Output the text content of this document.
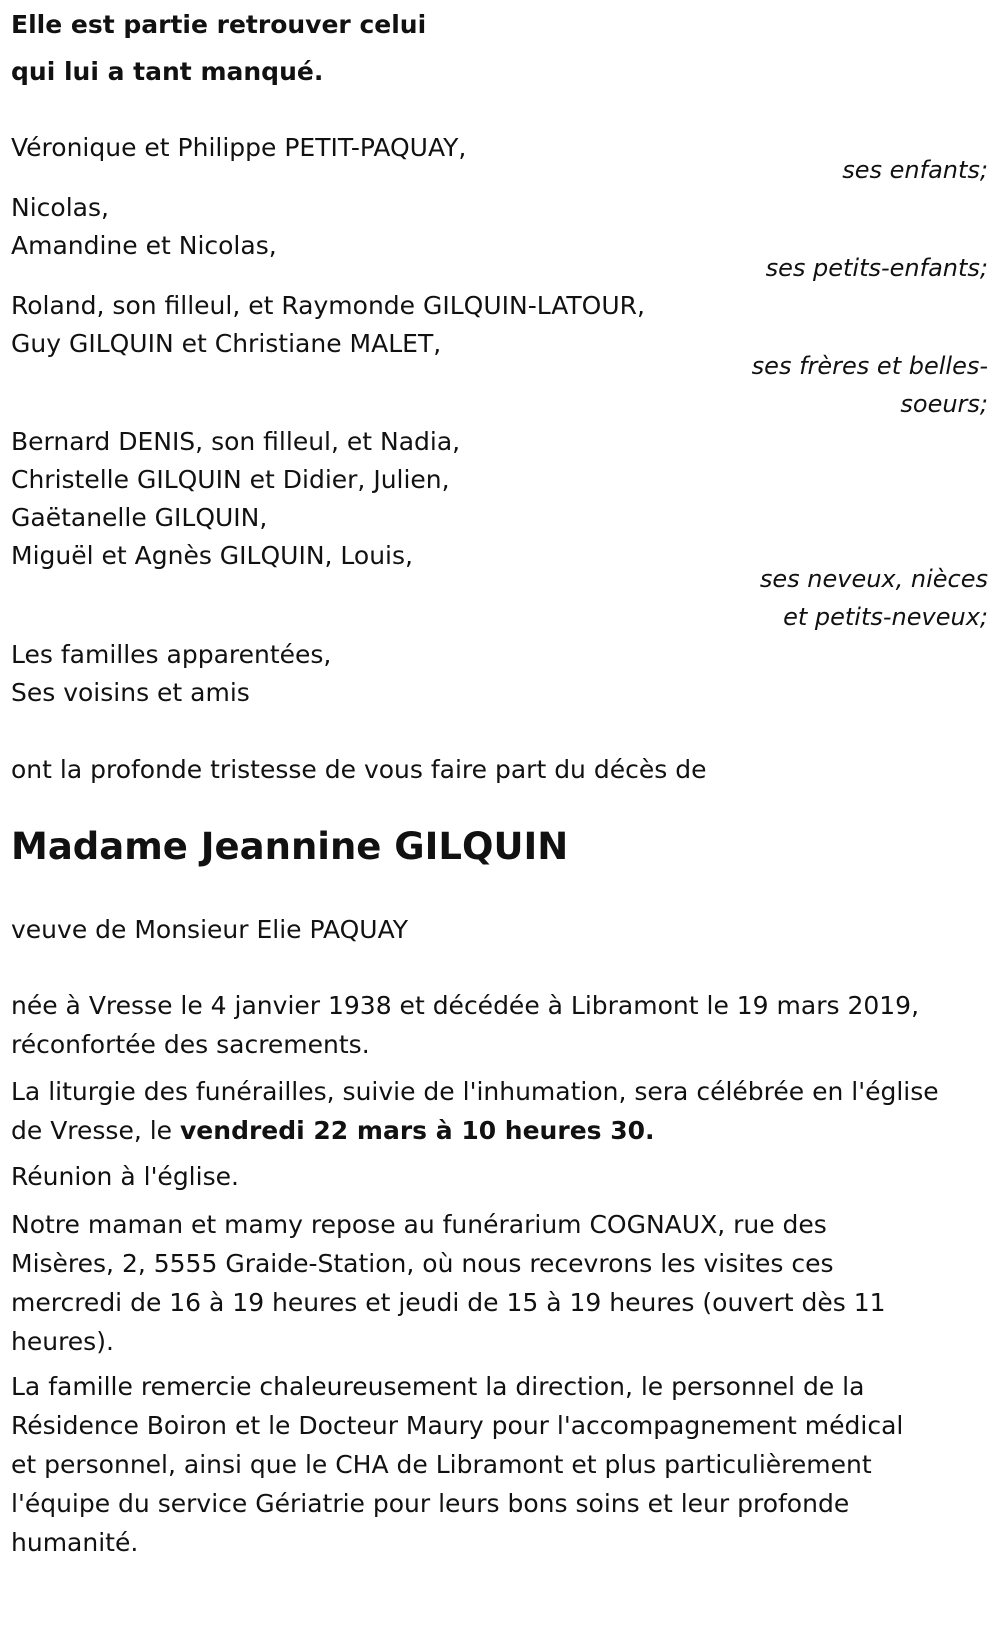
Elle est partie retrouver celui
qui lui a tant manqué.
Véronique et Philippe PETIT-PAQUAY,
ses enfants;
Nicolas,
Amandine et Nicolas,
ses petits-enfants;
Roland, son filleul, et Raymonde GILQUIN-LATOUR,
Guy GILQUIN et Christiane MALET,
ses frères et belles-
soeurs;
Bernard DENIS, son filleul, et Nadia,
Christelle GILQUIN et Didier, Julien,
Gaëtanelle GILQUIN,
Miguël et Agnès GILQUIN, Louis,
ses neveux, nièces
et petits-neveux;
Les familles apparentées,
Ses voisins et amis
ont la profonde tristesse de vous faire part du décès de
Madame Jeannine GILQUIN
veuve de Monsieur Elie PAQUAY
née à Vresse le 4 janvier 1938 et décédée à Libramont le 19 mars 2019,
réconfortée des sacrements.
La liturgie des funérailles, suivie de l'inhumation, sera célébrée en l'église
de Vresse, le vendredi 22 mars à 10 heures 30.
Réunion à l'église.
Notre maman et mamy repose au funérarium COGNAUX, rue des
Misères, 2, 5555 Graide-Station, où nous recevrons les visites ces
mercredi de 16 à 19 heures et jeudi de 15 à 19 heures (ouvert dès 11
heures).
La famille remercie chaleureusement la direction, le personnel de la
Résidence Boiron et le Docteur Maury pour l'accompagnement médical
et personnel, ainsi que le CHA de Libramont et plus particulièrement
l'équipe du service Gériatrie pour leurs bons soins et leur profonde
humanité.
